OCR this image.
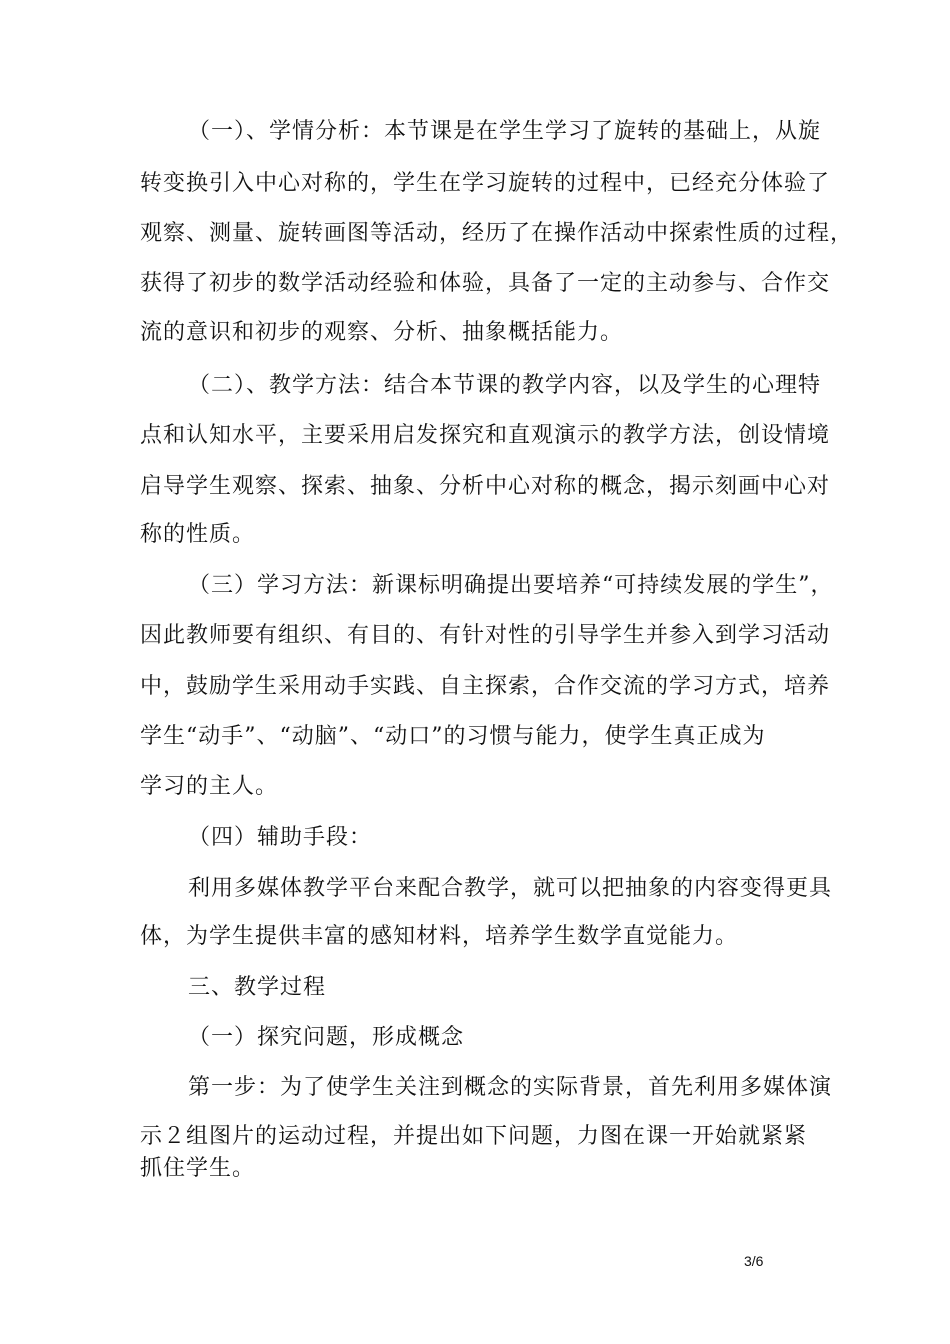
（一）、学情分析：本节课是在学生学习了旋转的基础上，从旋
转变换引入中心对称的，学生在学习旋转的过程中，已经充分体验了
观察、测量、旋转画图等活动，经历了在操作活动中探索性质的过程，
获得了初步的数学活动经验和体验，具备了一定的主动参与、合作交
流的意识和初步的观察、分析、抽象概括能力。
（二）、教学方法：结合本节课的教学内容，以及学生的心理特
点和认知水平，主要采用启发探究和直观演示的教学方法，创设情境
启导学生观察、探索、抽象、分析中心对称的概念，揭示刻画中心对
称的性质。
（三）学习方法：新课标明确提出要培养“可持续发展的学生”，
因此教师要有组织、有目的、有针对性的引导学生并参入到学习活动
中，鼓励学生采用动手实践、自主探索，合作交流的学习方式，培养
学生“动手”、“动脑”、“动口”的习惯与能力，使学生真正成为
学习的主人。
（四）辅助手段：
利用多媒体教学平台来配合教学，就可以把抽象的内容变得更具
体，为学生提供丰富的感知材料，培养学生数学直觉能力。
三、教学过程
（一）探究问题，形成概念
第一步：为了使学生关注到概念的实际背景，首先利用多媒体演
示２组图片的运动过程，并提出如下问题，力图在课一开始就紧紧
抓住学生。
3/6
